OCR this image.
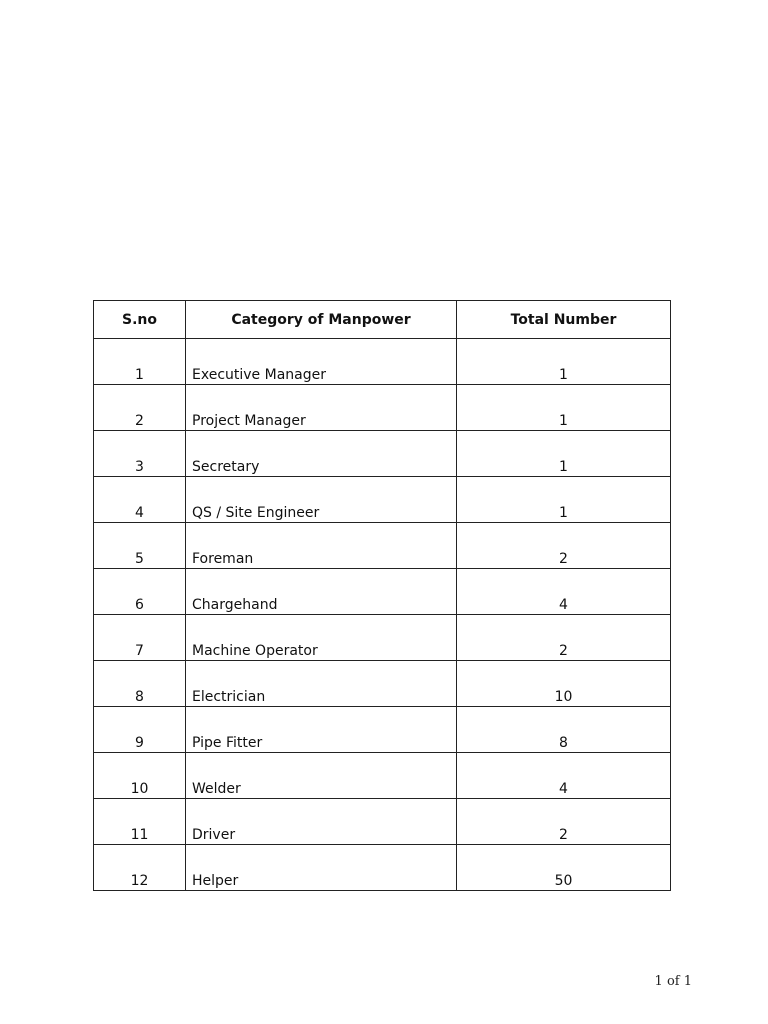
S.no	Category of Manpower	Total Number
1	Executive Manager	1
2	Project Manager	1
3	Secretary	1
4	QS / Site Engineer	1
5	Foreman	2
6	Chargehand	4
7	Machine Operator	2
8	Electrician	10
9	Pipe Fitter	8
10	Welder	4
11	Driver	2
12	Helper	50
1 of 1
